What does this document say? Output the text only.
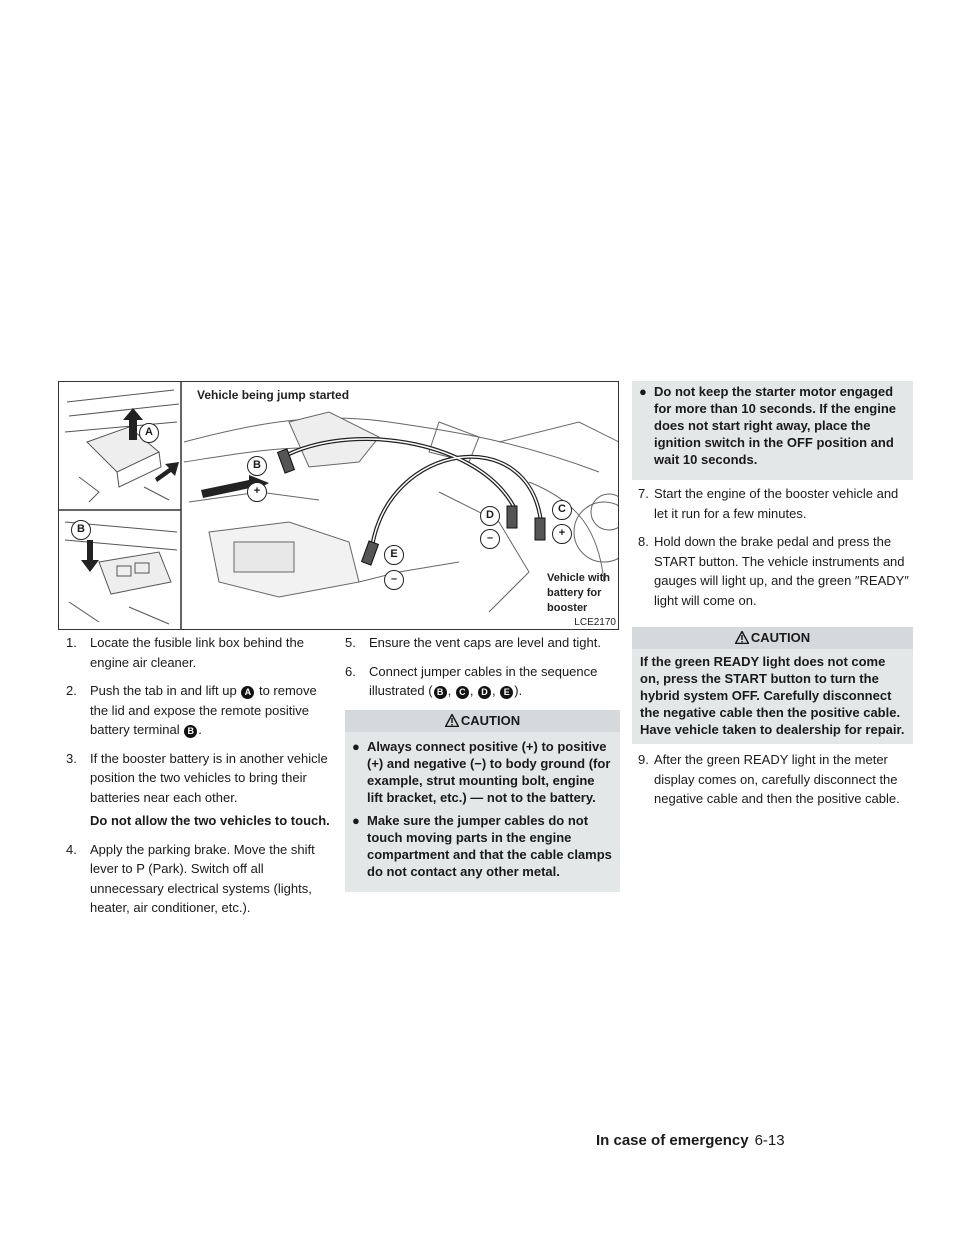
Vehicle being jump started
Vehicle with
battery for
booster
LCE2170
A
B
B
+
C
+
D
–
E
–
1. Locate the fusible link box behind the engine air cleaner.
2. Push the tab in and lift up A to remove the lid and expose the remote positive battery terminal B .
3. If the booster battery is in another vehicle position the two vehicles to bring their batteries near each other.
Do not allow the two vehicles to touch.
4. Apply the parking brake. Move the shift lever to P (Park). Switch off all unnecessary electrical systems (lights, heater, air conditioner, etc.).
5. Ensure the vent caps are level and tight.
6. Connect jumper cables in the sequence illustrated ( B , C , D , E ).
CAUTION
● Always connect positive (+) to positive (+) and negative (−) to body ground (for example, strut mounting bolt, engine lift bracket, etc.) — not to the battery.
● Make sure the jumper cables do not touch moving parts in the engine compartment and that the cable clamps do not contact any other metal.
● Do not keep the starter motor engaged for more than 10 seconds. If the engine does not start right away, place the ignition switch in the OFF position and wait 10 seconds.
7. Start the engine of the booster vehicle and let it run for a few minutes.
8. Hold down the brake pedal and press the START button. The vehicle instruments and gauges will light up, and the green ″READY″ light will come on.
CAUTION
If the green READY light does not come on, press the START button to turn the hybrid system OFF. Carefully disconnect the negative cable then the positive cable. Have vehicle taken to dealership for repair.
9. After the green READY light in the meter display comes on, carefully disconnect the negative cable and then the positive cable.
In case of emergency 6-13
